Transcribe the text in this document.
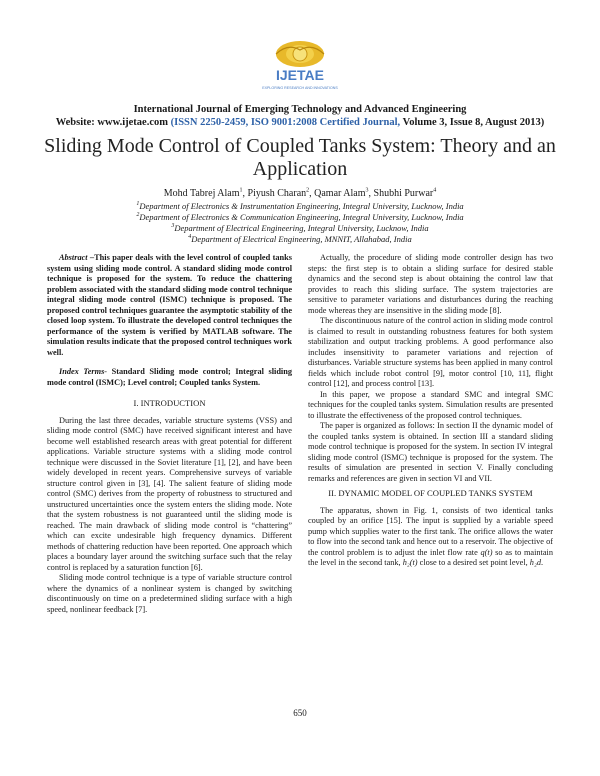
IJETAE
EXPLORING RESEARCH AND INNOVATIONS
International Journal of Emerging Technology and Advanced Engineering
Website: www.ijetae.com (ISSN 2250-2459, ISO 9001:2008 Certified Journal, Volume 3, Issue 8, August 2013)
Sliding Mode Control of Coupled Tanks System: Theory and an
Application
Mohd Tabrej Alam$^1$, Piyush Charan$^2$, Qamar Alam$^3$, Shubhi Purwar$^4$
$^1$Department of Electronics & Instrumentation Engineering, Integral University, Lucknow, India
$^2$Department of Electronics & Communication Engineering, Integral University, Lucknow, India
$^3$Department of Electrical Engineering, Integral University, Lucknow, India
$^4$Department of Electrical Engineering, MNNIT, Allahabad, India

Abstract –This paper deals with the level control of coupled tanks system using sliding mode control. A standard sliding mode control technique is proposed for the system. To reduce the chattering problem associated with the standard sliding mode control technique integral sliding mode control (ISMC) technique is proposed. The proposed control techniques guarantee the asymptotic stability of the closed loop system. To illustrate the developed control techniques the performance of the system is verified by MATLAB software. The simulation results indicate that the proposed control techniques work well.

Index Terms- Standard Sliding mode control; Integral sliding mode control (ISMC); Level control; Coupled tanks System.

I. INTRODUCTION

During the last three decades, variable structure systems (VSS) and sliding mode control (SMC) have received significant interest and have become well established research areas with great potential for different applications. Variable structure systems with a sliding mode control technique were discussed in the Soviet literature [1], [2], and have been widely developed in recent years. Comprehensive surveys of variable structure control given in [3], [4]. The salient feature of sliding mode control (SMC) derives from the property of robustness to structured and unstructured uncertainties once the system enters the sliding mode. Note that the system robustness is not guaranteed until the sliding mode is reached. The main drawback of sliding mode control is “chattering” which can excite undesirable high frequency dynamics. Different methods of chattering reduction have been reported. One approach which places a boundary layer around the switching surface such that the relay control is replaced by a saturation function [6].

Sliding mode control technique is a type of variable structure control where the dynamics of a nonlinear system is changed by switching discontinuously on time on a predetermined sliding surface with a high speed, nonlinear feedback [7].

Actually, the procedure of sliding mode controller design has two steps: the first step is to obtain a sliding surface for desired stable dynamics and the second step is about obtaining the control law that provides to reach this sliding surface. The system trajectories are sensitive to parameter variations and disturbances during the reaching mode whereas they are insensitive in the sliding mode [8].

The discontinuous nature of the control action in sliding mode control is claimed to result in outstanding robustness features for both system stabilization and output tracking problems. A good performance also includes insensitivity to parameter variations and rejection of disturbances. Variable structure systems has been applied in many control fields which include robot control [9], motor control [10, 11], flight control [12], and process control [13].

In this paper, we propose a standard SMC and integral SMC techniques for the coupled tanks system. Simulation results are presented to illustrate the effectiveness of the proposed control techniques.

The paper is organized as follows: In section II the dynamic model of the coupled tanks system is obtained. In section III a standard sliding mode control technique is proposed for the system. In section IV integral sliding mode control (ISMC) technique is proposed for the system. The results of simulation are presented in section V. Finally concluding remarks and references are given in section VI and VII.

II. DYNAMIC MODEL OF COUPLED TANKS SYSTEM

The apparatus, shown in Fig. 1, consists of two identical tanks coupled by an orifice [15]. The input is supplied by a variable speed pump which supplies water to the first tank. The orifice allows the water to flow into the second tank and hence out to a reservoir. The objective of the control problem is to adjust the inlet flow rate q(t) so as to maintain the level in the second tank, h₂(t) close to a desired set point level, h₂d.

650
